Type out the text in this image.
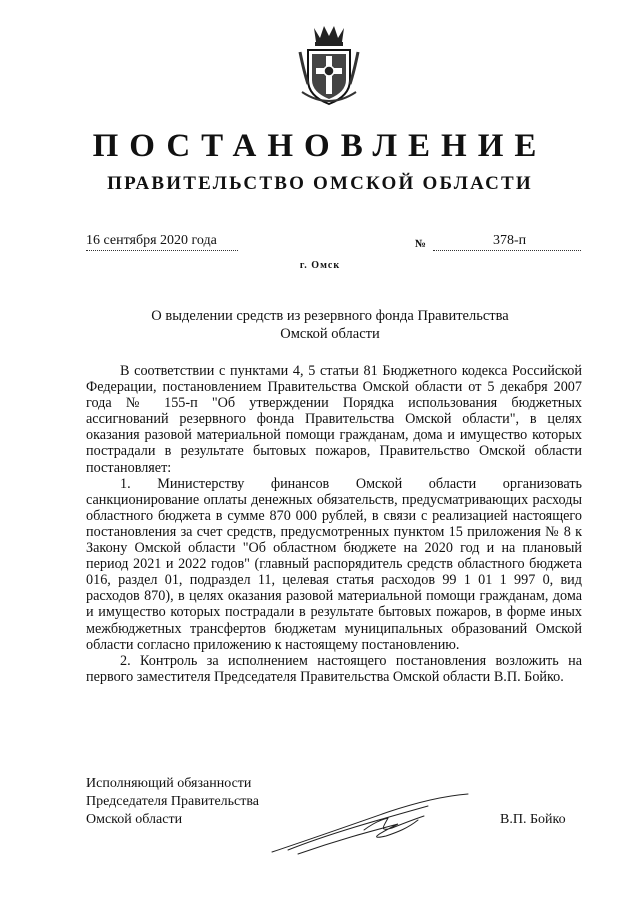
ПОСТАНОВЛЕНИЕ
ПРАВИТЕЛЬСТВО ОМСКОЙ ОБЛАСТИ
16 сентября 2020 года	№	378-п
г. Омск
О выделении средств из резервного фонда Правительства
Омской области

В соответствии с пунктами 4, 5 статьи 81 Бюджетного кодекса Российской Федерации, постановлением Правительства Омской области от 5 декабря 2007 года № 155-п "Об утверждении Порядка использования бюджетных ассигнований резервного фонда Правительства Омской области", в целях оказания разовой материальной помощи гражданам, дома и имущество которых пострадали в результате бытовых пожаров, Правительство Омской области постановляет:

1. Министерству финансов Омской области организовать санкционирование оплаты денежных обязательств, предусматривающих расходы областного бюджета в сумме 870 000 рублей, в связи с реализацией настоящего постановления за счет средств, предусмотренных пунктом 15 приложения № 8 к Закону Омской области "Об областном бюджете на 2020 год и на плановый период 2021 и 2022 годов" (главный распорядитель средств областного бюджета 016, раздел 01, подраздел 11, целевая статья расходов 99 1 01 1 997 0, вид расходов 870), в целях оказания разовой материальной помощи гражданам, дома и имущество которых пострадали в результате бытовых пожаров, в форме иных межбюджетных трансфертов бюджетам муниципальных образований Омской области согласно приложению к настоящему постановлению.

2. Контроль за исполнением настоящего постановления возложить на первого заместителя Председателя Правительства Омской области В.П. Бойко.

Исполняющий обязанности
Председателя Правительства
Омской области	В.П. Бойко
